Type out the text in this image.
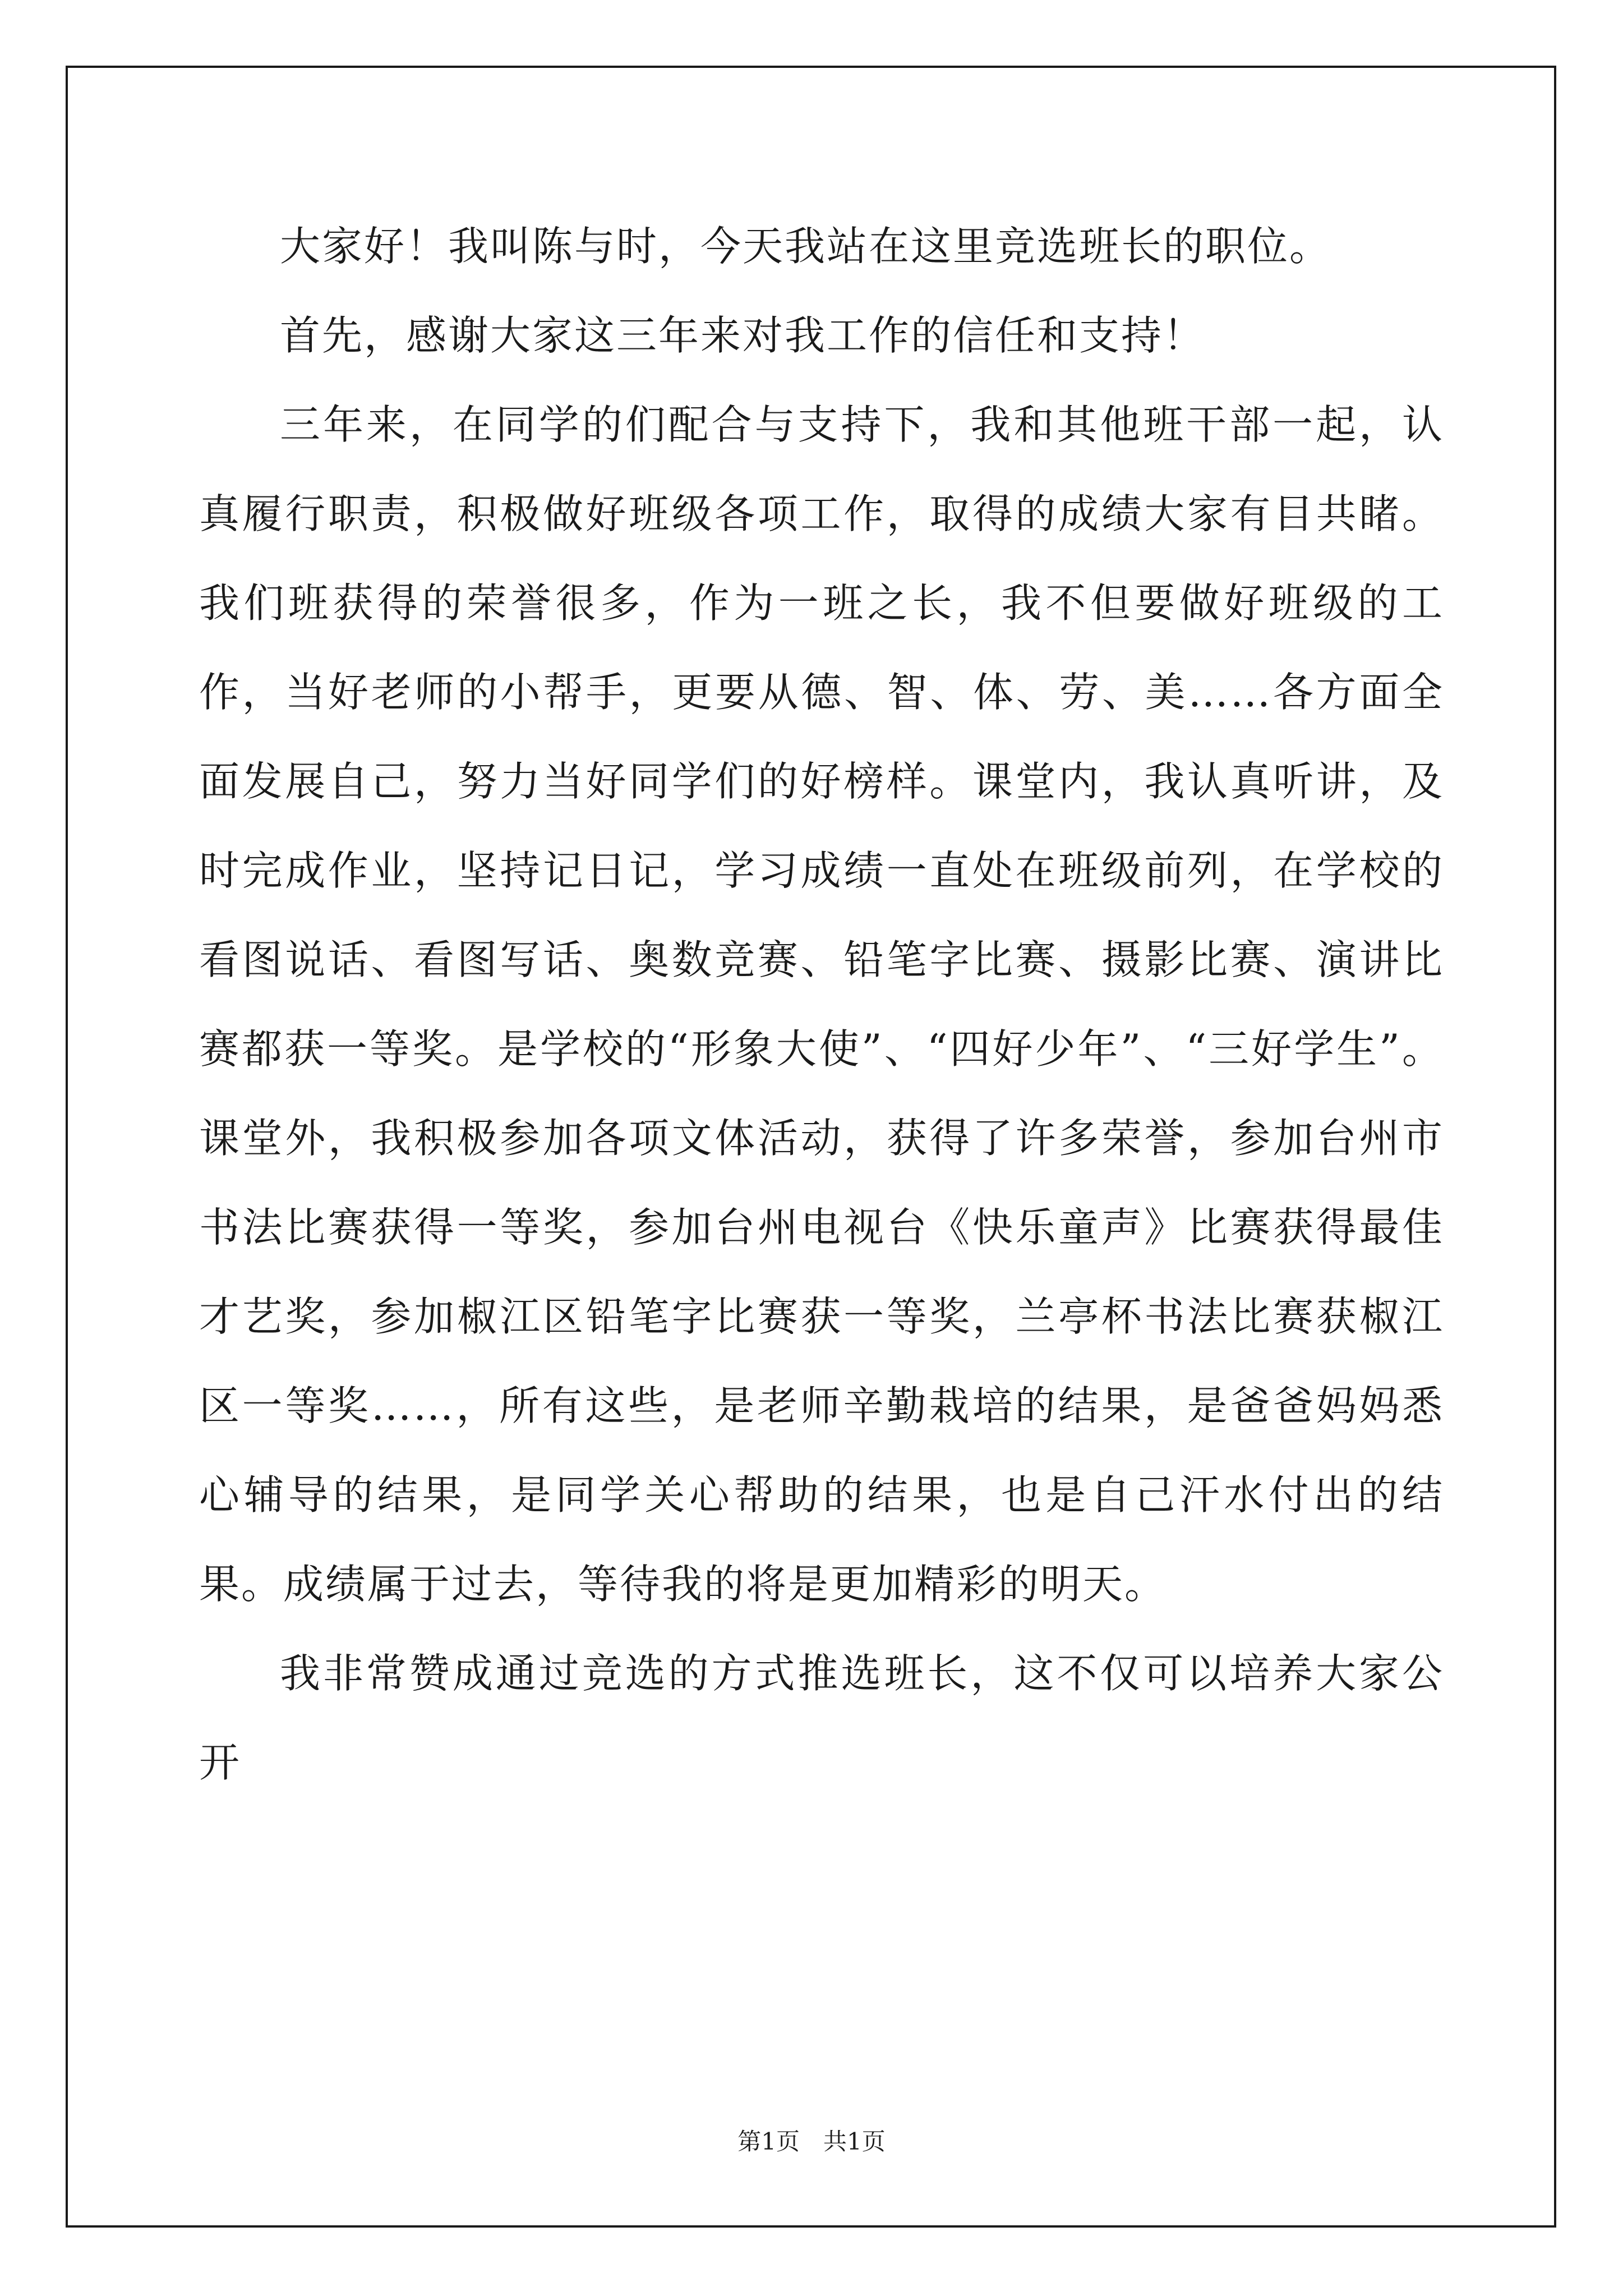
大家好！我叫陈与时，今天我站在这里竞选班长的职位。

首先，感谢大家这三年来对我工作的信任和支持！

三年来，在同学的们配合与支持下，我和其他班干部一起，认真履行职责，积极做好班级各项工作，取得的成绩大家有目共睹。我们班获得的荣誉很多，作为一班之长，我不但要做好班级的工作，当好老师的小帮手，更要从德、智、体、劳、美……各方面全面发展自己，努力当好同学们的好榜样。课堂内，我认真听讲，及时完成作业，坚持记日记，学习成绩一直处在班级前列，在学校的看图说话、看图写话、奥数竞赛、铅笔字比赛、摄影比赛、演讲比赛都获一等奖。是学校的“形象大使”、“四好少年”、“三好学生”。课堂外，我积极参加各项文体活动，获得了许多荣誉，参加台州市书法比赛获得一等奖，参加台州电视台《快乐童声》比赛获得最佳才艺奖，参加椒江区铅笔字比赛获一等奖，兰亭杯书法比赛获椒江区一等奖……，所有这些，是老师辛勤栽培的结果，是爸爸妈妈悉心辅导的结果，是同学关心帮助的结果，也是自己汗水付出的结果。成绩属于过去，等待我的将是更加精彩的明天。

我非常赞成通过竞选的方式推选班长，这不仅可以培养大家公开

第1页　共1页
